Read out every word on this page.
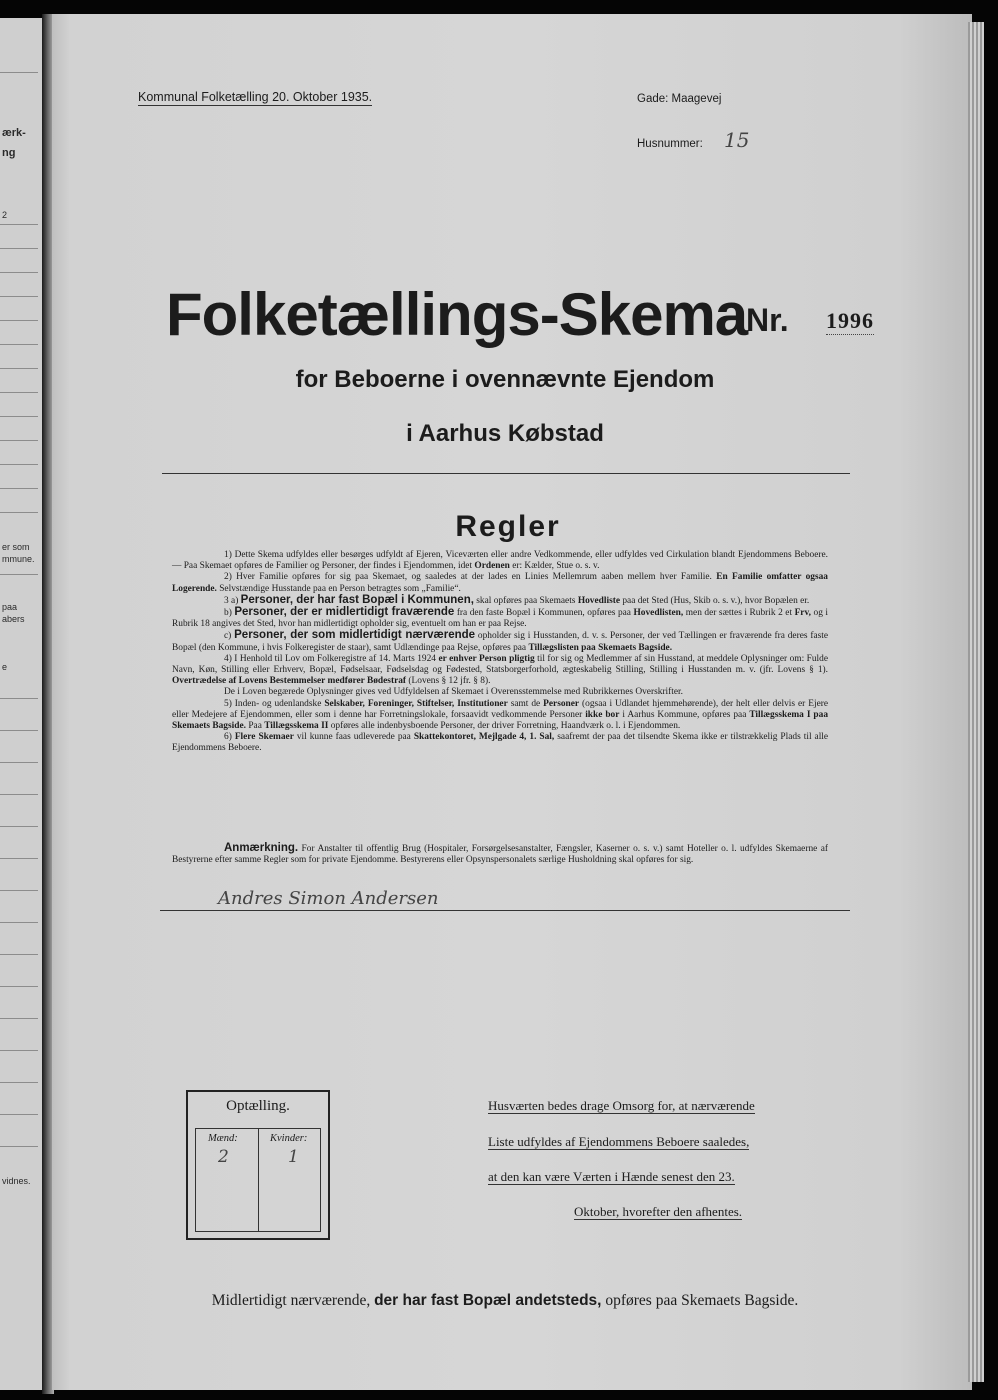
ærk-
ng
2
er som
mmune.
paa
abers
e
vidnes.
Kommunal Folketælling 20. Oktober 1935.	Gade: Maagevej
Husnummer: 15
Folketællings-Skema
Nr. 1996
for Beboerne i ovennævnte Ejendom
i Aarhus Købstad
Regler

1) Dette Skema udfyldes eller besørges udfyldt af Ejeren, Viceværten eller andre Vedkommende, eller udfyldes ved Cirkulation blandt Ejendommens Beboere. — Paa Skemaet opføres de Familier og Personer, der findes i Ejendommen, idet Ordenen er: Kælder, Stue o. s. v.

2) Hver Familie opføres for sig paa Skemaet, og saaledes at der lades en Linies Mellemrum aaben mellem hver Familie. En Familie omfatter ogsaa Logerende. Selvstændige Husstande paa en Person betragtes som „Familie“.

3 a) Personer, der har fast Bopæl i Kommunen, skal opføres paa Skemaets Hovedliste paa det Sted (Hus, Skib o. s. v.), hvor Bopælen er.

b) Personer, der er midlertidigt fraværende fra den faste Bopæl i Kommunen, opføres paa Hovedlisten, men der sættes i Rubrik 2 et Frv, og i Rubrik 18 angives det Sted, hvor han midlertidigt opholder sig, eventuelt om han er paa Rejse.

c) Personer, der som midlertidigt nærværende opholder sig i Husstanden, d. v. s. Personer, der ved Tællingen er fraværende fra deres faste Bopæl (den Kommune, i hvis Folkeregister de staar), samt Udlændinge paa Rejse, opføres paa Tillægslisten paa Skemaets Bagside.

4) I Henhold til Lov om Folkeregistre af 14. Marts 1924 er enhver Person pligtig til for sig og Medlemmer af sin Husstand, at meddele Oplysninger om: Fulde Navn, Køn, Stilling eller Erhverv, Bopæl, Fødselsaar, Fødselsdag og Fødested, Statsborgerforhold, ægteskabelig Stilling, Stilling i Husstanden m. v. (jfr. Lovens § 1). Overtrædelse af Lovens Bestemmelser medfører Bødestraf (Lovens § 12 jfr. § 8).

De i Loven begærede Oplysninger gives ved Udfyldelsen af Skemaet i Overensstemmelse med Rubrikkernes Overskrifter.

5) Inden- og udenlandske Selskaber, Foreninger, Stiftelser, Institutioner samt de Personer (ogsaa i Udlandet hjemmehørende), der helt eller delvis er Ejere eller Medejere af Ejendommen, eller som i denne har Forretningslokale, forsaavidt vedkommende Personer ikke bor i Aarhus Kommune, opføres paa Tillægsskema I paa Skemaets Bagside. Paa Tillægsskema II opføres alle indenbysboende Personer, der driver Forretning, Haandværk o. l. i Ejendommen.

6) Flere Skemaer vil kunne faas udleverede paa Skattekontoret, Mejlgade 4, 1. Sal, saafremt der paa det tilsendte Skema ikke er tilstrækkelig Plads til alle Ejendommens Beboere.

Anmærkning. For Anstalter til offentlig Brug (Hospitaler, Forsørgelsesanstalter, Fængsler, Kaserner o. s. v.) samt Hoteller o. l. udfyldes Skemaerne af Bestyrerne efter samme Regler som for private Ejendomme. Bestyrerens eller Opsynspersonalets særlige Husholdning skal opføres for sig.
Andres Simon Andersen
Optælling.
Mænd:	Kvinder:
2	1
Husværten bedes drage Omsorg for, at nærværende
Liste udfyldes af Ejendommens Beboere saaledes,
at den kan være Værten i Hænde senest den 23.
Oktober, hvorefter den afhentes.
Midlertidigt nærværende, der har fast Bopæl andetsteds, opføres paa Skemaets Bagside.
